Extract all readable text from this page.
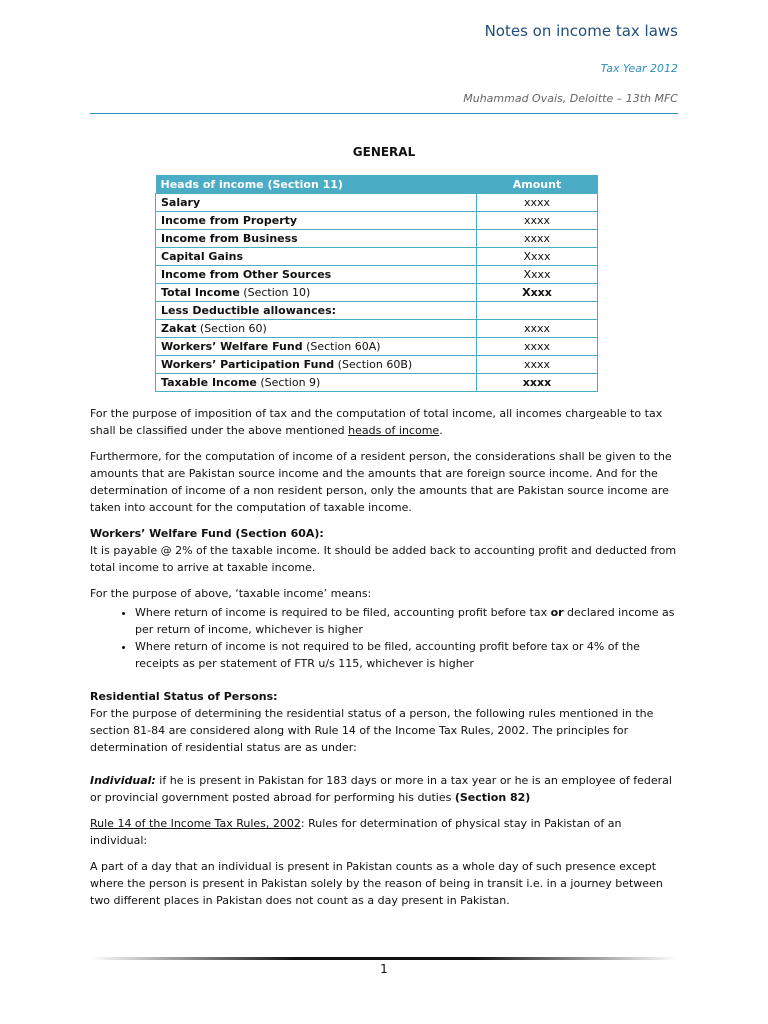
Notes on income tax laws
Tax Year 2012
Muhammad Ovais, Deloitte – 13th MFC
GENERAL
Heads of income (Section 11)	Amount
Salary	xxxx
Income from Property	xxxx
Income from Business	xxxx
Capital Gains	Xxxx
Income from Other Sources	Xxxx
Total Income (Section 10)	Xxxx
Less Deductible allowances:	
Zakat (Section 60)	xxxx
Workers’ Welfare Fund (Section 60A)	xxxx
Workers’ Participation Fund (Section 60B)	xxxx
Taxable Income (Section 9)	xxxx

For the purpose of imposition of tax and the computation of total income, all incomes chargeable to tax shall be classified under the above mentioned heads of income.

Furthermore, for the computation of income of a resident person, the considerations shall be given to the amounts that are Pakistan source income and the amounts that are foreign source income. And for the determination of income of a non resident person, only the amounts that are Pakistan source income are taken into account for the computation of taxable income.

Workers’ Welfare Fund (Section 60A):

It is payable @ 2% of the taxable income. It should be added back to accounting profit and deducted from total income to arrive at taxable income.

For the purpose of above, ‘taxable income’ means:

• Where return of income is required to be filed, accounting profit before tax or declared income as per return of income, whichever is higher
• Where return of income is not required to be filed, accounting profit before tax or 4% of the receipts as per statement of FTR u/s 115, whichever is higher
Residential Status of Persons:

For the purpose of determining the residential status of a person, the following rules mentioned in the section 81-84 are considered along with Rule 14 of the Income Tax Rules, 2002. The principles for determination of residential status are as under:

Individual: if he is present in Pakistan for 183 days or more in a tax year or he is an employee of federal or provincial government posted abroad for performing his duties (Section 82)

Rule 14 of the Income Tax Rules, 2002: Rules for determination of physical stay in Pakistan of an individual:

A part of a day that an individual is present in Pakistan counts as a whole day of such presence except where the person is present in Pakistan solely by the reason of being in transit i.e. in a journey between two different places in Pakistan does not count as a day present in Pakistan.

1
